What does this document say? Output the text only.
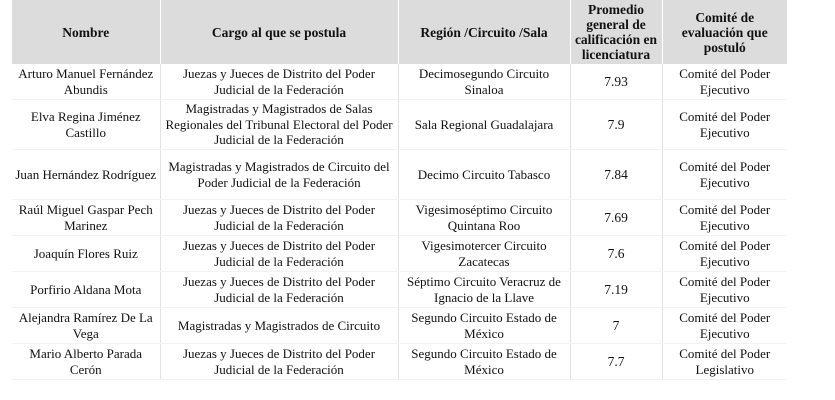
Nombre	Cargo al que se postula	Región /Circuito /Sala	Promedio general de calificación en licenciatura	Comité de evaluación que postuló
Arturo Manuel Fernández Abundis	Juezas y Jueces de Distrito del Poder Judicial de la Federación	Decimosegundo Circuito Sinaloa	7.93	Comité del Poder Ejecutivo
Elva Regina Jiménez Castillo	Magistradas y Magistrados de Salas Regionales del Tribunal Electoral del Poder Judicial de la Federación	Sala Regional Guadalajara	7.9	Comité del Poder Ejecutivo
Juan Hernández Rodríguez	Magistradas y Magistrados de Circuito del Poder Judicial de la Federación	Decimo Circuito Tabasco	7.84	Comité del Poder Ejecutivo
Raúl Miguel Gaspar Pech Marinez	Juezas y Jueces de Distrito del Poder Judicial de la Federación	Vigesimoséptimo Circuito Quintana Roo	7.69	Comité del Poder Ejecutivo
Joaquín Flores Ruiz	Juezas y Jueces de Distrito del Poder Judicial de la Federación	Vigesimotercer Circuito Zacatecas	7.6	Comité del Poder Ejecutivo
Porfirio Aldana Mota	Juezas y Jueces de Distrito del Poder Judicial de la Federación	Séptimo Circuito Veracruz de Ignacio de la Llave	7.19	Comité del Poder Ejecutivo
Alejandra Ramírez De La Vega	Magistradas y Magistrados de Circuito	Segundo Circuito Estado de México	7	Comité del Poder Ejecutivo
Mario Alberto Parada Cerón	Juezas y Jueces de Distrito del Poder Judicial de la Federación	Segundo Circuito Estado de México	7.7	Comité del Poder Legislativo
